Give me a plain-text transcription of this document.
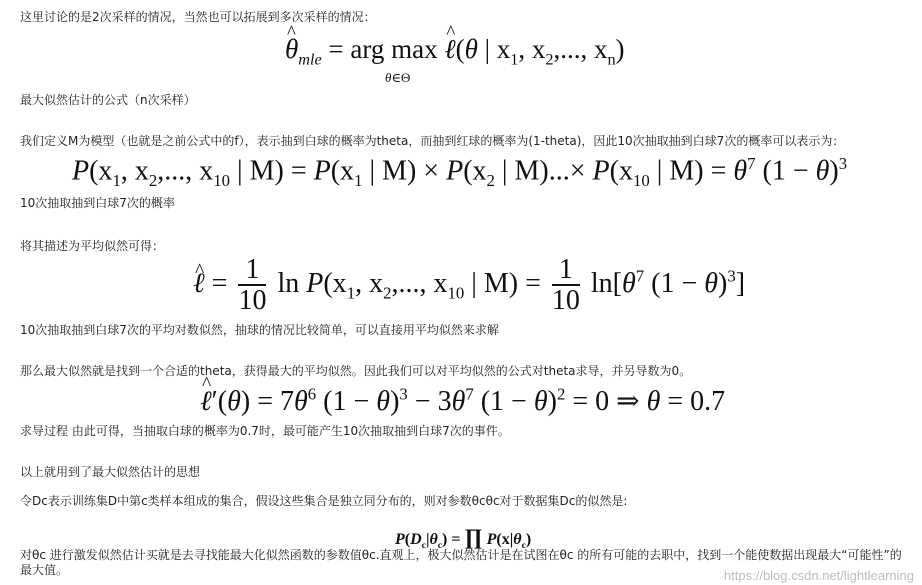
这里讨论的是2次采样的情况，当然也可以拓展到多次采样的情况：
^ $\theta_{mle}$ = arg max
θ∈Θ
^ ℓ(θ | $x_1$, $x_2$,..., $x_n$)
最大似然估计的公式（n次采样）
我们定义M为模型（也就是之前公式中的f），表示抽到白球的概率为theta，而抽到红球的概率为(1-theta)，因此10次抽取抽到白球7次的概率可以表示为：
$P(x_1$, $x_2$,..., $x_{10}$ | $M) = P(x_1$ | $M) \times P(x_2$ | $M)...\times P(x_{10}$ | $M) = \theta^7$ $(1 - \theta)^3$
10次抽取抽到白球7次的概率
将其描述为平均似然可得：
^ ℓ = $\frac{1}{10}$ $\ln P(x_1$, $x_2$,..., $x_{10}$ | $M) = \frac{1}{10} \ln[\theta^7$ $(1 - \theta)^3$]
10次抽取抽到白球7次的平均对数似然，抽球的情况比较简单，可以直接用平均似然来求解
那么最大似然就是找到一个合适的theta，获得最大的平均似然。因此我们可以对平均似然的公式对theta求导，并另导数为0。
^ ℓ′(θ) = $7\theta^6$ $(1 - \theta)^3 - 3\theta^7$ $(1 - \theta)^2 = 0$ ⇒ θ = 0.7
求导过程 由此可得，当抽取白球的概率为0.7时，最可能产生10次抽取抽到白球7次的事件。
以上就用到了最大似然估计的思想
令Dc表示训练集D中第c类样本组成的集合，假设这些集合是独立同分布的，则对参数θcθc对于数据集Dc的似然是:
$P(D_c|\theta_c)$ = ∏ $P(x|\theta_c)$
对θc 进行激发似然估计买就是去寻找能最大化似然函数的参数值θc.直观上，极大似然估计是在试图在θc 的所有可能的去职中，找到一个能使数据出现最大“可能性”的最大值。	https://blog.csdn.net/lightlearning
